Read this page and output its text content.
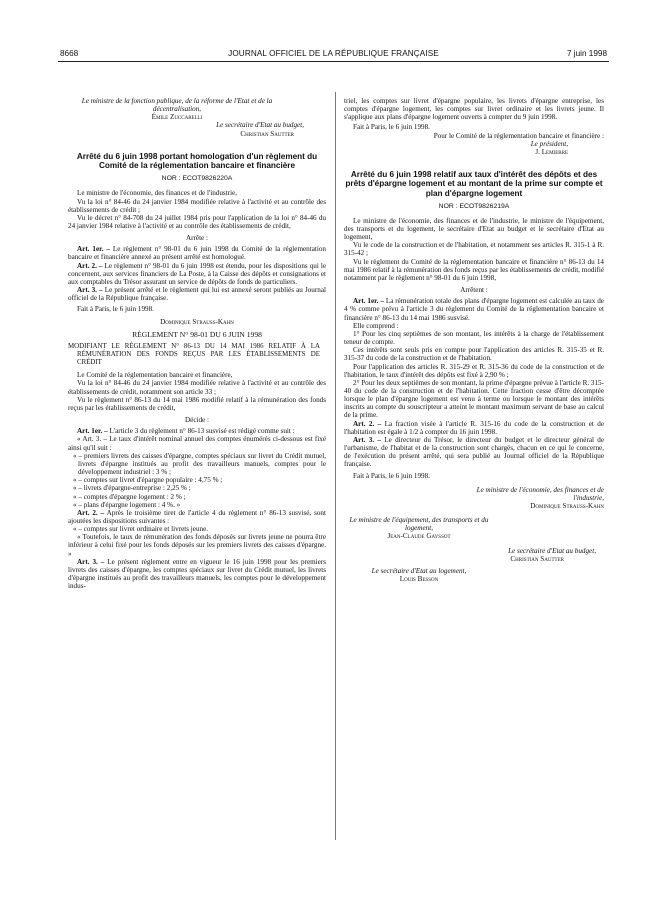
8668	JOURNAL OFFICIEL DE LA RÉPUBLIQUE FRANÇAISE	7 juin 1998

Le ministre de la fonction publique, de la réforme de l'Etat et de la décentralisation,

Émile Zuccarelli

Le secrétaire d'Etat au budget,

Christian Sautter

Arrêté du 6 juin 1998 portant homologation d'un règlement du Comité de la réglementation bancaire et financière

NOR : ECOT9826220A

Le ministre de l'économie, des finances et de l'industrie,

Vu la loi n° 84-46 du 24 janvier 1984 modifiée relative à l'activité et au contrôle des établissements de crédit ;

Vu le décret n° 84-708 du 24 juillet 1984 pris pour l'application de la loi n° 84-46 du 24 janvier 1984 relative à l'activité et au contrôle des établissements de crédit,

Arrête :

Art. 1er. – Le règlement n° 98-01 du 6 juin 1998 du Comité de la réglementation bancaire et financière annexé au présent arrêté est homologué.

Art. 2. – Le règlement n° 98-01 du 6 juin 1998 est étendu, pour les dispositions qui le concernent, aux services financiers de La Poste, à la Caisse des dépôts et consignations et aux comptables du Trésor assurant un service de dépôts de fonds de particuliers.

Art. 3. – Le présent arrêté et le règlement qui lui est annexé seront publiés au Journal officiel de la République française.

Fait à Paris, le 6 juin 1998.

Dominique Strauss-Kahn

RÈGLEMENT N° 98-01 DU 6 JUIN 1998

MODIFIANT LE RÈGLEMENT N° 86-13 DU 14 MAI 1986 RELATIF À LA RÉMUNÉRATION DES FONDS REÇUS PAR LES ÉTABLISSEMENTS DE CRÉDIT

Le Comité de la réglementation bancaire et financière,

Vu la loi n° 84-46 du 24 janvier 1984 modifiée relative à l'activité et au contrôle des établissements de crédit, notamment son article 33 ;

Vu le règlement n° 86-13 du 14 mai 1986 modifié relatif à la rémunération des fonds reçus par les établissements de crédit,

Décide :

Art. 1er. – L'article 3 du règlement n° 86-13 susvisé est rédigé comme suit :

« Art. 3. – Le taux d'intérêt nominal annuel des comptes énumérés ci-dessous est fixé ainsi qu'il suit :

« – premiers livrets des caisses d'épargne, comptes spéciaux sur livret du Crédit mutuel, livrets d'épargne institués au profit des travailleurs manuels, comptes pour le développement industriel : 3 % ;

« – comptes sur livret d'épargne populaire : 4,75 % ;

« – livrets d'épargne-entreprise : 2,25 % ;

« – comptes d'épargne logement : 2 % ;

« – plans d'épargne logement : 4 %. »

Art. 2. – Après le troisième tiret de l'article 4 du règlement n° 86-13 susvisé, sont ajoutées les dispositions suivantes :

« – comptes sur livret ordinaire et livrets jeune.

« Toutefois, le taux de rémunération des fonds déposés sur livrets jeune ne pourra être inférieur à celui fixé pour les fonds déposés sur les premiers livrets des caisses d'épargne. »

Art. 3. – Le présent règlement entre en vigueur le 16 juin 1998 pour les premiers livrets des caisses d'épargne, les comptes spéciaux sur livret du Crédit mutuel, les livrets d'épargne institués au profit des travailleurs manuels, les comptes pour le développement indus-

triel, les comptes sur livret d'épargne populaire, les livrets d'épargne entreprise, les comptes d'épargne logement, les comptes sur livret ordinaire et les livrets jeune. Il s'applique aux plans d'épargne logement ouverts à compter du 9 juin 1998.

Fait à Paris, le 6 juin 1998.

Pour le Comité de la réglementation bancaire et financière :

Le président,

J. Lemierre

Arrêté du 6 juin 1998 relatif aux taux d'intérêt des dépôts et des prêts d'épargne logement et au montant de la prime sur compte et plan d'épargne logement

NOR : ECOT9826219A

Le ministre de l'économie, des finances et de l'industrie, le ministre de l'équipement, des transports et du logement, le secrétaire d'Etat au budget et le secrétaire d'Etat au logement,

Vu le code de la construction et de l'habitation, et notamment ses articles R. 315-1 à R. 315-42 ;

Vu le règlement du Comité de la réglementation bancaire et financière n° 86-13 du 14 mai 1986 relatif à la rémunération des fonds reçus par les établissements de crédit, modifié notamment par le règlement n° 98-01 du 6 juin 1998,

Arrêtent :

Art. 1er. – La rémunération totale des plans d'épargne logement est calculée au taux de 4 % comme prévu à l'article 3 du règlement du Comité de la réglementation bancaire et financière n° 86-13 du 14 mai 1986 susvisé.

Elle comprend :

1° Pour les cinq septièmes de son montant, les intérêts à la charge de l'établissement teneur de compte.

Ces intérêts sont seuls pris en compte pour l'application des articles R. 315-35 et R. 315-37 du code de la construction et de l'habitation.

Pour l'application des articles R. 315-29 et R. 315-36 du code de la construction et de l'habitation, le taux d'intérêt des dépôts est fixé à 2,90 % ;

2° Pour les deux septièmes de son montant, la prime d'épargne prévue à l'article R. 315-40 du code de la construction et de l'habitation. Cette fraction cesse d'être décomptée lorsque le plan d'épargne logement est venu à terme ou lorsque le montant des intérêts inscrits au compte du souscripteur a atteint le montant maximum servant de base au calcul de la prime.

Art. 2. – La fraction visée à l'article R. 315-16 du code de la construction et de l'habitation est égale à 1/2 à compter du 16 juin 1998.

Art. 3. – Le directeur du Trésor, le directeur du budget et le directeur général de l'urbanisme, de l'habitat et de la construction sont chargés, chacun en ce qui le concerne, de l'exécution du présent arrêté, qui sera publié au Journal officiel de la République française.

Fait à Paris, le 6 juin 1998.

Le ministre de l'économie, des finances et de l'industrie,

Dominique Strauss-Kahn

Le ministre de l'équipement, des transports et du logement,

Jean-Claude Gayssot

Le secrétaire d'Etat au budget,

Christian Sautter

Le secrétaire d'Etat au logement,

Louis Besson
